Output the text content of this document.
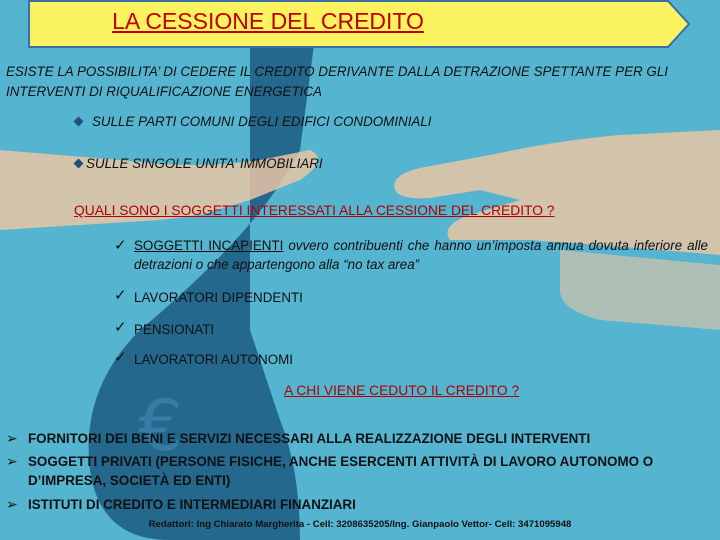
€
LA CESSIONE DEL CREDITO
ESISTE LA POSSIBILITA’ DI CEDERE IL CREDITO DERIVANTE DALLA DETRAZIONE SPETTANTE PER GLI INTERVENTI DI RIQUALIFICAZIONE ENERGETICA
SULLE PARTI COMUNI DEGLI EDIFICI CONDOMINIALI
SULLE SINGOLE UNITA’ IMMOBILIARI
QUALI SONO I SOGGETTI INTERESSATI ALLA CESSIONE DEL CREDITO ?
✓ SOGGETTI INCAPIENTI ovvero contribuenti che hanno un’imposta annua dovuta inferiore alle detrazioni o che appartengono alla “no tax area”
✓ LAVORATORI DIPENDENTI
✓ PENSIONATI
✓ LAVORATORI AUTONOMI
A CHI VIENE CEDUTO IL CREDITO ?
➢ FORNITORI DEI BENI E SERVIZI NECESSARI ALLA REALIZZAZIONE DEGLI INTERVENTI
➢ SOGGETTI PRIVATI (PERSONE FISICHE, ANCHE ESERCENTI ATTIVITÀ DI LAVORO AUTONOMO O D’IMPRESA, SOCIETÀ ED ENTI)
➢ ISTITUTI DI CREDITO E INTERMEDIARI FINANZIARI
Redattori: Ing Chiarato Margherita - Cell: 3208635205/Ing. Gianpaolo Vettor- Cell: 3471095948
